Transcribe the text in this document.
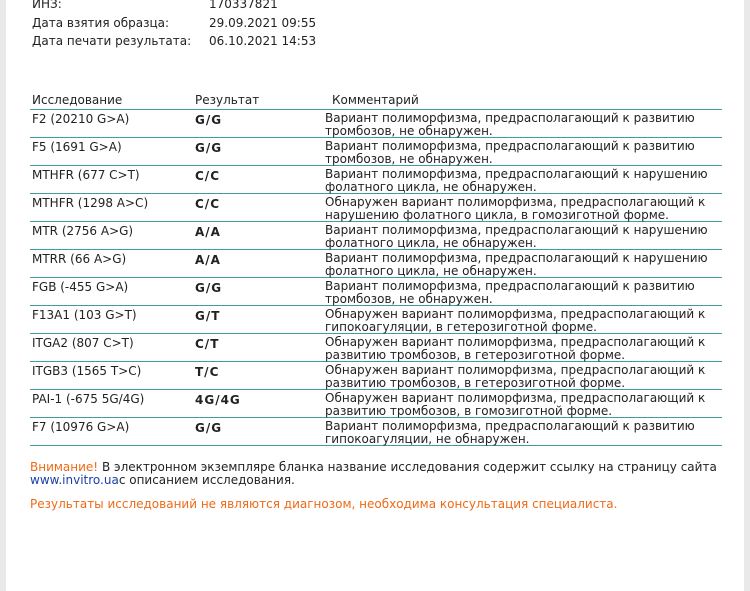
ИНЗ:	170337821
Дата взятия образца:	29.09.2021 09:55
Дата печати результата:	06.10.2021 14:53
Исследование	Результат	Комментарий
F2 (20210 G>A)	G/G	Вариант полиморфизма, предрасполагающий к развитию
тромбозов, не обнаружен.
F5 (1691 G>A)	G/G	Вариант полиморфизма, предрасполагающий к развитию
тромбозов, не обнаружен.
MTHFR (677 C>T)	C/C	Вариант полиморфизма, предрасполагающий к нарушению
фолатного цикла, не обнаружен.
MTHFR (1298 A>C)	C/C	Обнаружен вариант полиморфизма, предрасполагающий к
нарушению фолатного цикла, в гомозиготной форме.
MTR (2756 A>G)	A/A	Вариант полиморфизма, предрасполагающий к нарушению
фолатного цикла, не обнаружен.
MTRR (66 A>G)	A/A	Вариант полиморфизма, предрасполагающий к нарушению
фолатного цикла, не обнаружен.
FGB (-455 G>A)	G/G	Вариант полиморфизма, предрасполагающий к развитию
тромбозов, не обнаружен.
F13A1 (103 G>T)	G/T	Обнаружен вариант полиморфизма, предрасполагающий к
гипокоагуляции, в гетерозиготной форме.
ITGA2 (807 C>T)	C/T	Обнаружен вариант полиморфизма, предрасполагающий к
развитию тромбозов, в гетерозиготной форме.
ITGB3 (1565 T>C)	T/C	Обнаружен вариант полиморфизма, предрасполагающий к
развитию тромбозов, в гетерозиготной форме.
PAI-1 (-675 5G/4G)	4G/4G	Обнаружен вариант полиморфизма, предрасполагающий к
развитию тромбозов, в гомозиготной форме.
F7 (10976 G>A)	G/G	Вариант полиморфизма, предрасполагающий к развитию
гипокоагуляции, не обнаружен.
Внимание! В электронном экземпляре бланка название исследования содержит ссылку на страницу сайта
www.invitro.uaс описанием исследования.
Результаты исследований не являются диагнозом, необходима консультация специалиста.
